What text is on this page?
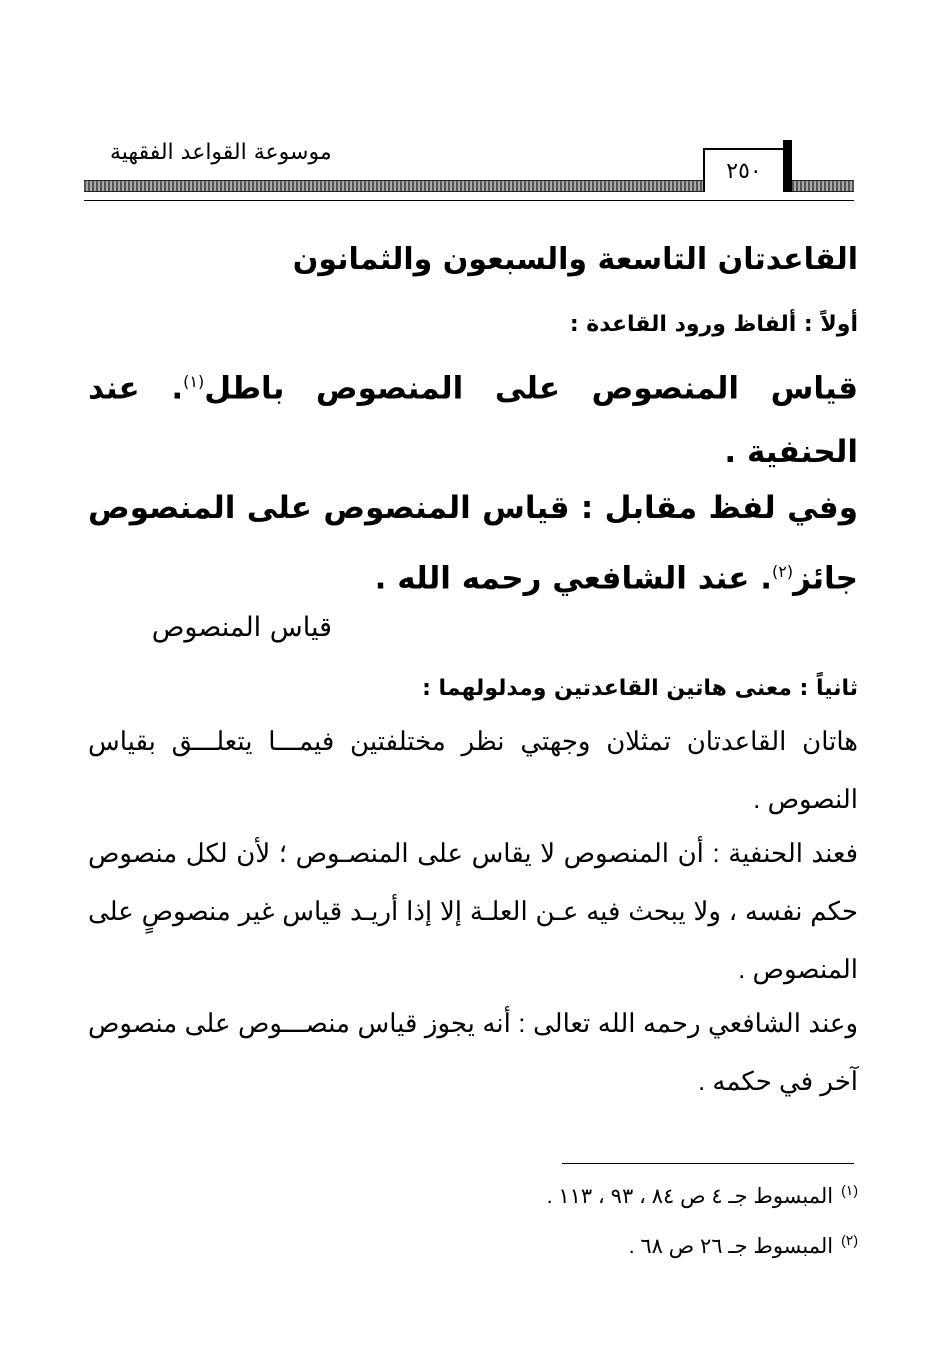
موسوعة القواعد الفقهية
٢٥٠
القاعدتان التاسعة والسبعون والثمانون
أولاً : ألفاظ ورود القاعدة :
قياس المنصوص على المنصوص باطل$^{(١)}$. عند الحنفية .
وفي لفظ مقابل : قياس المنصوص على المنصوص جائز$^{(٢)}$. عند الشافعي رحمه الله .
قياس المنصوص
ثانياً : معنى هاتين القاعدتين ومدلولهما :
هاتان القاعدتان تمثلان وجهتي نظر مختلفتين فيمـــا يتعلـــق بقياس النصوص .
فعند الحنفية : أن المنصوص لا يقاس على المنصـوص ؛ لأن لكل منصوص حكم نفسه ، ولا يبحث فيه عـن العلـة إلا إذا أريـد قياس غير منصوصٍ على المنصوص .
وعند الشافعي رحمه الله تعالى : أنه يجوز قياس منصـــوص على منصوص آخر في حكمه .
$^{(١)}$المبسوط جـ ٤ ص ٨٤ ، ٩٣ ، ١١٣ .
$^{(٢)}$المبسوط جـ ٢٦ ص ٦٨ .
